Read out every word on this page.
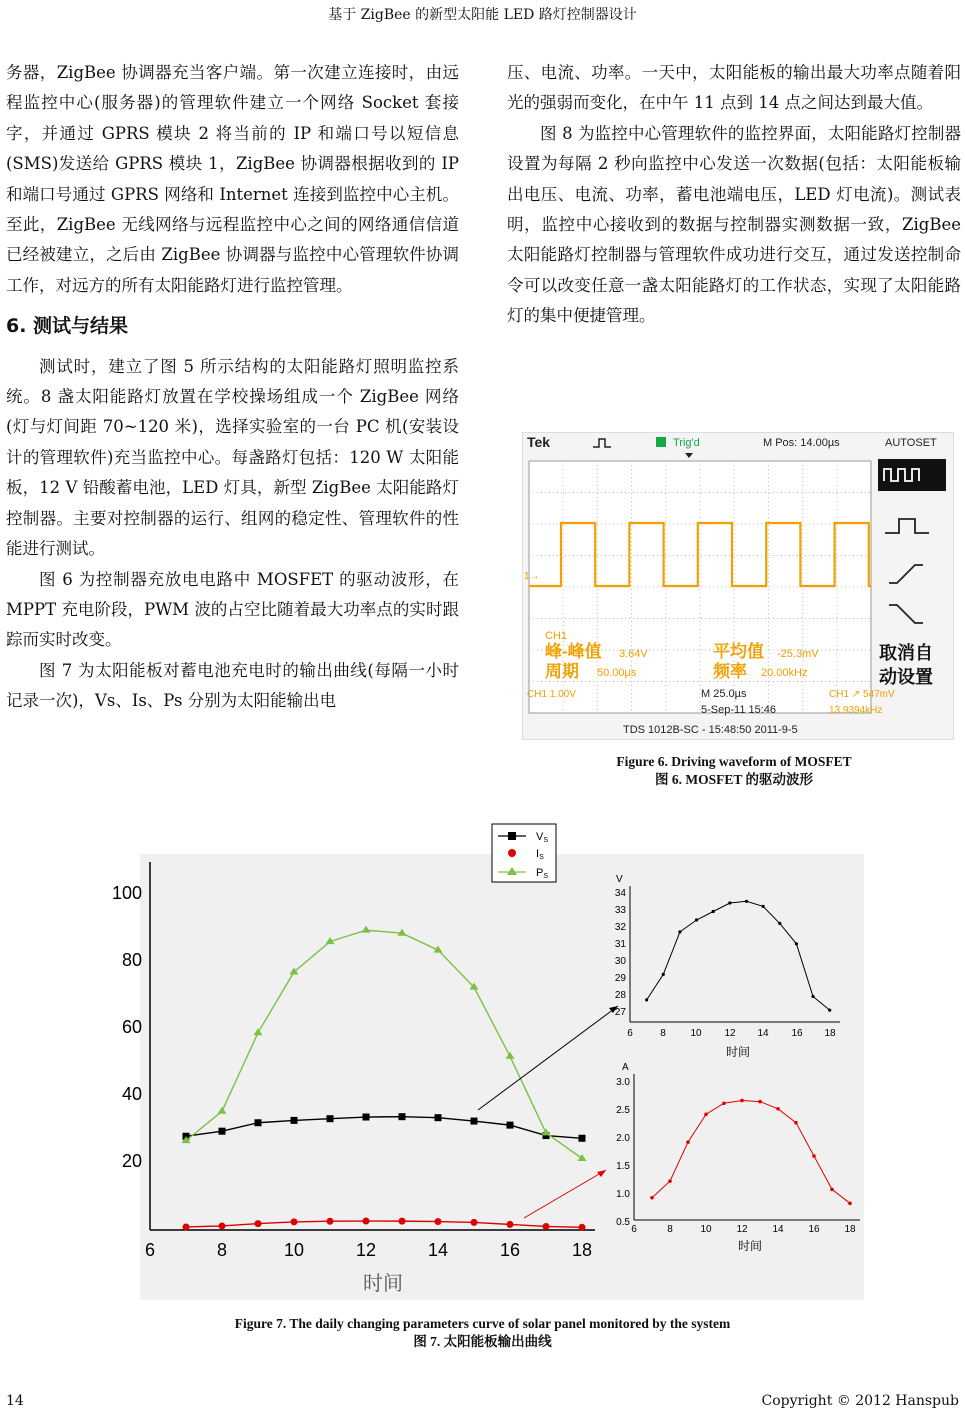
基于 ZigBee 的新型太阳能 LED 路灯控制器设计

务器，ZigBee 协调器充当客户端。第一次建立连接时，由远程监控中心(服务器)的管理软件建立一个网络 Socket 套接字，并通过 GPRS 模块 2 将当前的 IP 和端口号以短信息(SMS)发送给 GPRS 模块 1，ZigBee 协调器根据收到的 IP 和端口号通过 GPRS 网络和 Internet 连接到监控中心主机。至此，ZigBee 无线网络与远程监控中心之间的网络通信信道已经被建立，之后由 ZigBee 协调器与监控中心管理软件协调工作，对远方的所有太阳能路灯进行监控管理。

6. 测试与结果

测试时，建立了图 5 所示结构的太阳能路灯照明监控系统。8 盏太阳能路灯放置在学校操场组成一个 ZigBee 网络(灯与灯间距 70~120 米)，选择实验室的一台 PC 机(安装设计的管理软件)充当监控中心。每盏路灯包括：120 W 太阳能板，12 V 铅酸蓄电池，LED 灯具，新型 ZigBee 太阳能路灯控制器。主要对控制器的运行、组网的稳定性、管理软件的性能进行测试。

图 6 为控制器充放电电路中 MOSFET 的驱动波形，在 MPPT 充电阶段，PWM 波的占空比随着最大功率点的实时跟踪而实时改变。

图 7 为太阳能板对蓄电池充电时的输出曲线(每隔一小时记录一次)，Vs、Is、Ps 分别为太阳能输出电

压、电流、功率。一天中，太阳能板的输出最大功率点随着阳光的强弱而变化，在中午 11 点到 14 点之间达到最大值。

图 8 为监控中心管理软件的监控界面，太阳能路灯控制器设置为每隔 2 秒向监控中心发送一次数据(包括：太阳能板输出电压、电流、功率，蓄电池端电压，LED 灯电流)。测试表明，监控中心接收到的数据与控制器实测数据一致，ZigBee 太阳能路灯控制器与管理软件成功进行交互，通过发送控制命令可以改变任意一盏太阳能路灯的工作状态，实现了太阳能路灯的集中便捷管理。

Tek	Trig'd	M Pos: 14.00µs	AUTOSET
1→
CH1
峰-峰值 3.64V	平均值 -25.3mV
周期 50.00µs	频率 20.00kHz
取消自
动设置
CH1 1.00V	M 25.0µs
5-Sep-11 15:46
CH1 ↗ 547mV
13.9394kHz
TDS 1012B-SC - 15:48:50 2011-9-5
Figure 6. Driving waveform of MOSFET
图 6. MOSFET 的驱动波形
100
80
60
40
20
6	8	10	12	14	16	18
时间
VS
IS
PS	V
34
33
32
31
30
29
28
27
6	8 10 12 14 16 18
时间
A
3.0
2.5
2.0
1.5
1.0
0.5
6	8	10 12 14 16 18
时间
Figure 7. The daily changing parameters curve of solar panel monitored by the system
图 7. 太阳能板输出曲线
14	Copyright © 2012 Hanspub
